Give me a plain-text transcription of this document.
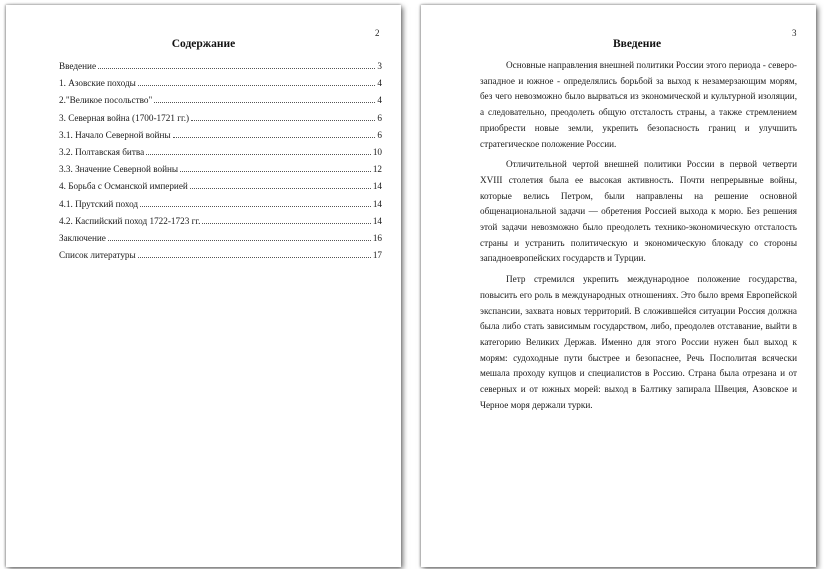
2
Содержание
Введение	3
1. Азовские походы	4
2."Великое посольство"	4
3. Северная война (1700-1721 гг.)	6
3.1. Начало Северной войны	6
3.2. Полтавская битва	10
3.3. Значение Северной войны	12
4. Борьба с Османской империей	14
4.1. Прутский поход	14
4.2. Каспийский поход 1722-1723 гг.	14
Заключение	16
Список литературы	17
3
Введение
Основные направления внешней политики России этого периода - северо-
западное и южное - определялись борьбой за выход к незамерзающим морям,
без чего невозможно было вырваться из экономической и культурной изоляции,
а следовательно, преодолеть общую отсталость страны, а также стремлением
приобрести новые земли, укрепить безопасность границ и улучшить
стратегическое положение России.
Отличительной чертой внешней политики России в первой четверти
XVIII столетия была ее высокая активность. Почти непрерывные войны,
которые велись Петром, были направлены на решение основной
общенациональной задачи — обретения Россией выхода к морю. Без решения
этой задачи невозможно было преодолеть технико-экономическую отсталость
страны и устранить политическую и экономическую блокаду со стороны
западноевропейских государств и Турции.
Петр стремился укрепить международное положение государства,
повысить его роль в международных отношениях. Это было время Европейской
экспансии, захвата новых территорий. В сложившейся ситуации Россия должна
была либо стать зависимым государством, либо, преодолев отставание, выйти в
категорию Великих Держав. Именно для этого России нужен был выход к
морям: судоходные пути быстрее и безопаснее, Речь Посполитая всячески
мешала проходу купцов и специалистов в Россию. Страна была отрезана и от
северных и от южных морей: выход в Балтику запирала Швеция, Азовское и
Черное моря держали турки.
